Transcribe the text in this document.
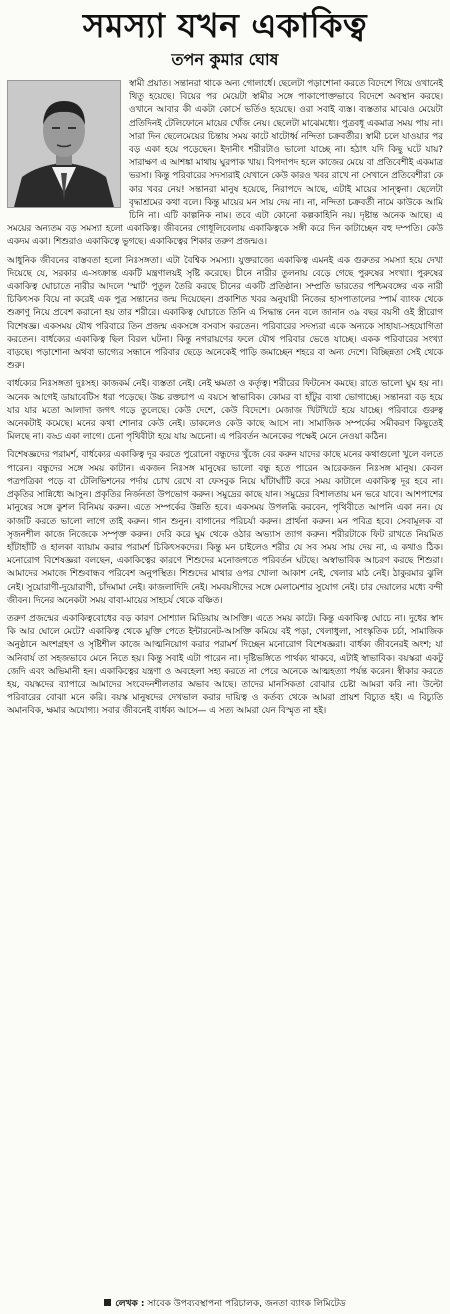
সমস্যা যখন একাকিত্ব
তপন কুমার ঘোষ

স্বামী প্রয়াত। সন্তানরা থাকে অন্য গোলার্ধে। ছেলেটা পড়াশোনা করতে বিদেশে গিয়ে ওখানেই থিতু হয়েছে। বিয়ের পর মেয়েটা স্বামীর সঙ্গে পাকাপোক্তভাবে বিদেশে অবস্থান করছে। ওখানে আবার কী একটা কোর্সে ভর্তিও হয়েছে। ওরা সবাই ব্যস্ত। ব্যস্ততার মাঝেও মেয়েটা প্রতিদিনই টেলিফোনে মায়ের খোঁজ নেয়। ছেলেটা মাঝেমধ্যে। পুত্রবধূ একমাত্র সময় পায় না। সারা দিন ছেলেমেয়ের চিন্তায় সময় কাটে ষাটোর্ধ্ব নন্দিতা চক্রবর্তীর। স্বামী চলে যাওয়ার পর বড় একা হয়ে পড়েছেন। ইদানীং শরীরটাও ভালো যাচ্ছে না। হঠাৎ যদি কিছু ঘটে যায়? সারাক্ষণ এ আশঙ্কা মাথায় ঘুরপাক খায়। বিপদাপদ হলে কাজের মেয়ে বা প্রতিবেশীই একমাত্র ভরসা। কিন্তু পরিবারের সদস্যরাই যেখানে কেউ কারও খবর রাখে না সেখানে প্রতিবেশীরা কে কার খবর নেয়! সন্তানরা মানুষ হয়েছে, নিরাপদে আছে, এটাই মায়ের সান্ত্বনা। ছেলেটা বৃদ্ধাশ্রমের কথা বলে। কিন্তু মায়ের মন সায় দেয় না। না, নন্দিতা চক্রবর্তী নামে কাউকে আমি চিনি না। এটি কাল্পনিক নাম। তবে এটা কোনো কল্পকাহিনি নয়। দৃষ্টান্ত অনেক আছে। এ সময়ের অন্যতম বড় সমস্যা হলো একাকিত্ব। জীবনের গোধূলিবেলায় একাকিত্বকে সঙ্গী করে দিন কাটাচ্ছেন বহু দম্পতি। কেউ একদম একা। শিশুরাও একাকিত্বে ভুগছে। একাকিত্বের শিকার তরুণ প্রজন্মও।

আধুনিক জীবনের বাস্তবতা হলো নিঃসঙ্গতা। এটা বৈশ্বিক সমস্যা। যুক্তরাজ্যে একাকিত্ব এমনই এক গুরুতর সমস্যা হয়ে দেখা দিয়েছে যে, সরকার এ-সংক্রান্ত একটি মন্ত্রণালয়ই সৃষ্টি করেছে। চীনে নারীর তুলনায় বেড়ে গেছে পুরুষের সংখ্যা। পুরুষের একাকিত্ব ঘোচাতে নারীর আদলে 'স্মার্ট' পুতুল তৈরি করছে চীনের একটি প্রতিষ্ঠান। সম্প্রতি ভারতের পশ্চিমবঙ্গের এক নারী চিকিৎসক বিয়ে না করেই এক পুত্র সন্তানের জন্ম দিয়েছেন। প্রকাশিত খবর অনুযায়ী নিজের হাসপাতালের স্পার্ম ব্যাংক থেকে শুক্রাণু নিয়ে প্রবেশ করানো হয় তার শরীরে। একাকিত্ব ঘোচাতে তিনি এ সিদ্ধান্ত নেন বলে জানান ৩৯ বছর বয়সী ওই স্ত্রীরোগ বিশেষজ্ঞ। একসময় যৌথ পরিবারে তিন প্রজন্ম একসঙ্গে বসবাস করতেন। পরিবারের সদস্যরা একে অন্যকে সাহায্য-সহযোগিতা করতেন। বার্ধক্যের একাকিত্ব ছিল বিরল ঘটনা। কিন্তু নগরায়ণের ফলে যৌথ পরিবার ভেঙে যাচ্ছে। একক পরিবারের সংখ্যা বাড়ছে। পড়াশোনা অথবা ভাগ্যের সন্ধানে পরিবার ছেড়ে অনেকেই পাড়ি জমাচ্ছেন শহরে বা অন্য দেশে। বিচ্ছিন্নতা সেই থেকে শুরু।

বার্ধক্যের নিঃসঙ্গতা দুঃসহ। কাজকর্ম নেই। ব্যস্ততা নেই। নেই ক্ষমতা ও কর্তৃত্ব। শরীরের ফিটনেস কমছে। রাতে ভালো ঘুম হয় না। অনেক আগেই ডায়াবেটিস ধরা পড়েছে। উচ্চ রক্তচাপ এ বয়সে স্বাভাবিক। কোমর বা হাঁটুর ব্যথা ভোগাচ্ছে। সন্তানরা বড় হয়ে যার যার মতো আলাদা জগৎ গড়ে তুলেছে। কেউ দেশে, কেউ বিদেশে। মেজাজ খিটখিটে হয়ে যাচ্ছে। পরিবারে গুরুত্ব অনেকটাই কমেছে। মনের কথা শোনার কেউ নেই। ডাকলেও কেউ কাছে আসে না। সামাজিক সম্পর্কের সমীকরণ কিছুতেই মিলছে না। বড্ড একা লাগে। চেনা পৃথিবীটা হয়ে যায় অচেনা। এ পরিবর্তন অনেকের পক্ষেই মেনে নেওয়া কঠিন।

বিশেষজ্ঞদের পরামর্শ, বার্ধক্যের একাকিত্ব দূর করতে পুরোনো বন্ধুদের খুঁজে বের করুন যাদের কাছে মনের কথাগুলো খুলে বলতে পারেন। বন্ধুদের সঙ্গে সময় কাটান। একজন নিঃসঙ্গ মানুষের ভালো বন্ধু হতে পারেন আরেকজন নিঃসঙ্গ মানুষ। কেবল পত্রপত্রিকা পড়ে বা টেলিভিশনের পর্দায় চোখ রেখে বা ফেসবুক নিয়ে ঘাঁটাঘাঁটি করে সময় কাটালে একাকিত্ব দূর হবে না। প্রকৃতির সান্নিধ্যে আসুন। প্রকৃতির নির্জনতা উপভোগ করুন। সমুদ্রের কাছে যান। সমুদ্রের বিশালতায় মন ভরে যাবে। আশপাশের মানুষের সঙ্গে কুশল বিনিময় করুন। এতে সম্পর্কের উন্নতি হবে। একসময় উপলব্ধি করবেন, পৃথিবীতে আপনি একা নন। যে কাজটি করতে ভালো লাগে তাই করুন। গান শুনুন। বাগানের পরিচর্যা করুন। প্রার্থনা করুন। মন পবিত্র হবে। সেবামূলক বা সৃজনশীল কাজে নিজেকে সম্পৃক্ত করুন। দেরি করে ঘুম থেকে ওঠার অভ্যাস ত্যাগ করুন। শরীরটাকে ফিট রাখতে নিয়মিত হাঁটাহাঁটি ও হালকা ব্যায়াম করার পরামর্শ চিকিৎসকদের। কিন্তু মন চাইলেও শরীর যে সব সময় সায় দেয় না, এ কথাও ঠিক। মনোরোগ বিশেষজ্ঞরা বলছেন, একাকিত্বের কারণে শিশুদের মনোজগতে পরিবর্তন ঘটছে। অস্বাভাবিক আচরণ করছে শিশুরা। আমাদের সমাজে শিশুবান্ধব পরিবেশ অনুপস্থিত। শিশুদের মাথার ওপর খোলা আকাশ নেই, খেলার মাঠ নেই। ঠাকুরমার ঝুলি নেই। সুয়োরাণী-দুয়োরাণী, চাঁদমামা নেই। কাজলাদিদি নেই। সমবয়সীদের সঙ্গে মেলামেশার সুযোগ নেই। চার দেয়ালের মধ্যে বন্দী জীবন। দিনের অনেকটা সময় বাবা-মায়ের সাহচর্য থেকে বঞ্চিত।

তরুণ প্রজন্মের একাকিত্ববোধের বড় কারণ সোশ্যাল মিডিয়ায় আসক্তি। এতে সময় কাটে। কিন্তু একাকিত্ব ঘোচে না। দুধের স্বাদ কি আর ঘোলে মেটে? একাকিত্ব থেকে মুক্তি পেতে ইন্টারনেট-আসক্তি কমিয়ে বই পড়া, খেলাধুলা, সাংস্কৃতিক চর্চা, সামাজিক অনুষ্ঠানে অংশগ্রহণ ও সৃষ্টিশীল কাজে আত্মনিয়োগ করার পরামর্শ দিচ্ছেন মনোরোগ বিশেষজ্ঞরা। বার্ধক্য জীবনেরই অংশ; যা অনিবার্য তা সহজভাবে মেনে নিতে হয়। কিন্তু সবাই এটা পারেন না। দৃষ্টিভঙ্গিতে পার্থক্য থাকবে, এটাই স্বাভাবিক। বয়স্করা একটু জেদি এবং অভিমানী হন। একাকিত্বের যন্ত্রণা ও অবহেলা সহ্য করতে না পেরে অনেকে আত্মহত্যা পর্যন্ত করেন। স্বীকার করতে হয়, বয়স্কদের ব্যাপারে আমাদের সংবেদনশীলতার অভাব আছে। তাদের মানসিকতা বোঝার চেষ্টা আমরা করি না। উল্টো পরিবারের বোঝা মনে করি। বয়স্ক মানুষদের দেখভাল করার দায়িত্ব ও কর্তব্য থেকে আমরা প্রায়শ বিচ্যুত হই। এ বিচ্যুতি অমানবিক, ক্ষমার অযোগ্য। সবার জীবনেই বার্ধক্য আসে— এ সত্য আমরা যেন বিস্মৃত না হই।

লেখক : সাবেক উপব্যবস্থাপনা পরিচালক, জনতা ব্যাংক লিমিটেড
